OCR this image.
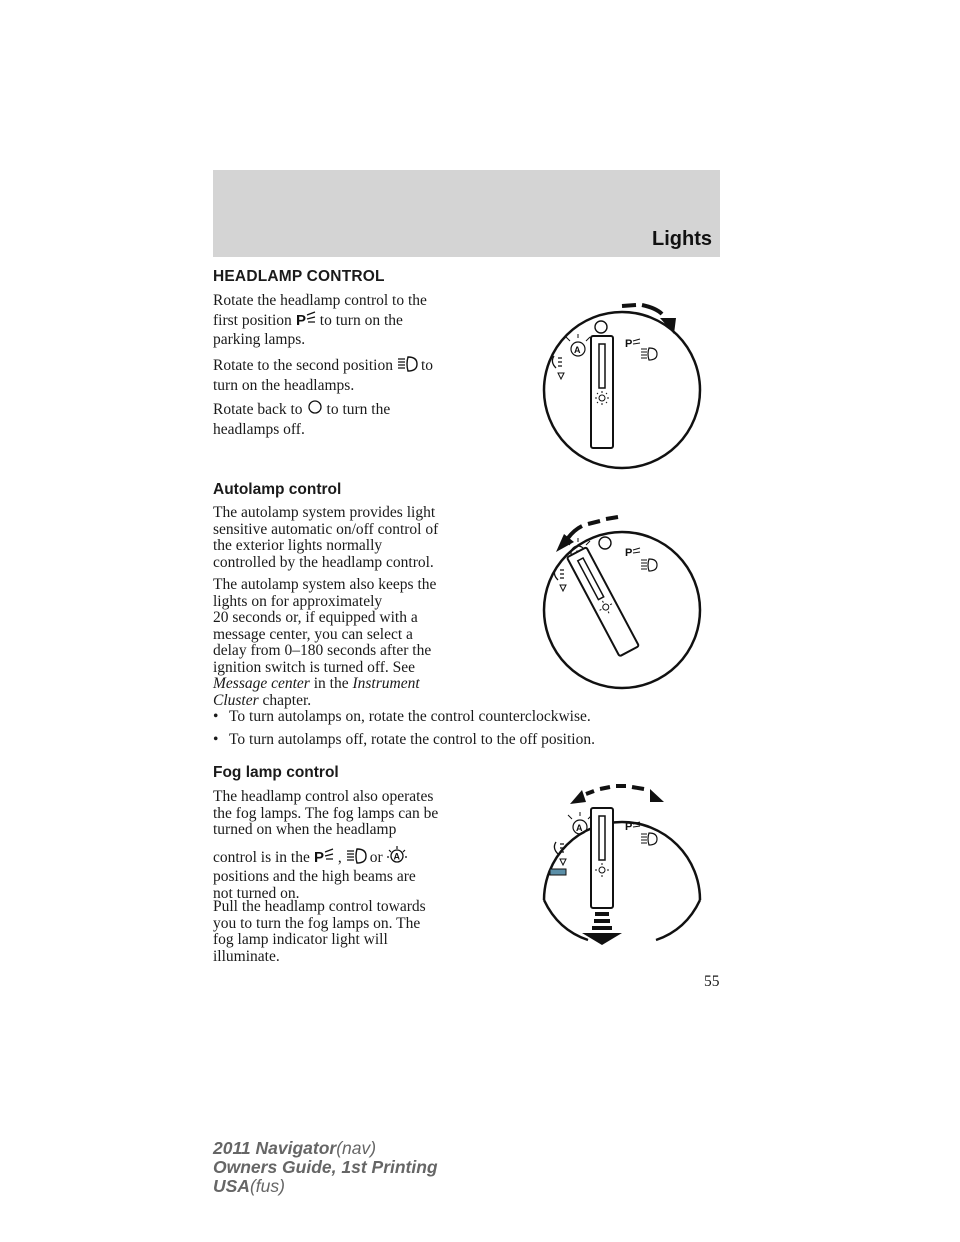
Lights
HEADLAMP CONTROL
Rotate the headlamp control to the
first position P to turn on the
parking lamps.
Rotate to the second position to
turn on the headlamps.
Rotate back to to turn the
headlamps off.
A	P
Autolamp control
The autolamp system provides light
sensitive automatic on/off control of
the exterior lights normally
controlled by the headlamp control.
The autolamp system also keeps the
lights on for approximately
20 seconds or, if equipped with a
message center, you can select a
delay from 0–180 seconds after the
ignition switch is turned off. See
Message center in the Instrument
Cluster chapter.
P
• To turn autolamps on, rotate the control counterclockwise.
• To turn autolamps off, rotate the control to the off position.
Fog lamp control
The headlamp control also operates
the fog lamps. The fog lamps can be
turned on when the headlamp
control is in the P , or A
positions and the high beams are
not turned on.
Pull the headlamp control towards
you to turn the fog lamps on. The
fog lamp indicator light will
illuminate.
A	P
55
2011 Navigator(nav)
Owners Guide, 1st Printing
USA(fus)
